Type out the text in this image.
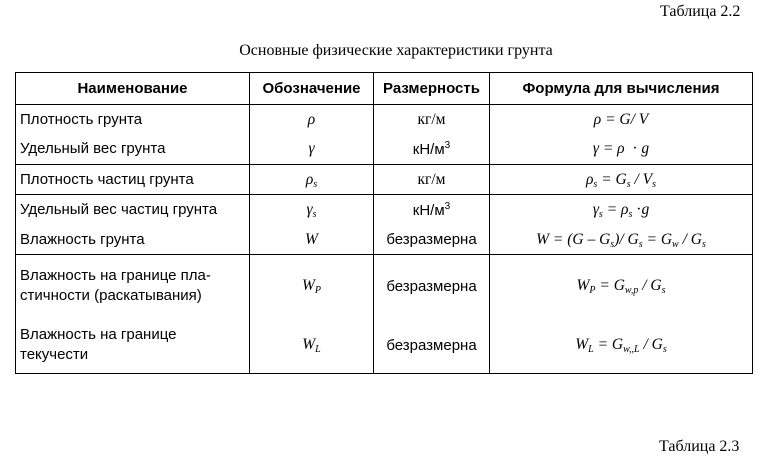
Таблица 2.2
Основные физические характеристики грунта
Наименование	Обозначение	Размерность	Формула для вычисления
Плотность грунта	ρ	кг/м	ρ = G/ V
Удельный вес грунта	γ	$кН/м^3$	γ = ρ  · g
Плотность частиц грунта	$\rho_s$	кг/м	$\rho_s = G_s / V_s$
Удельный вес частиц грунта	$\gamma_s$	$кН/м^3$	$\gamma_s = \rho_s \cdot g$
Влажность грунта	W	безразмерна	$W = (G - G_s)/$ $G_s = G_w / G_s$
Влажность на границе пла-
стичности (раскатывания)	$W_P$	безразмерна	$W_P = G_{w,p} / G_s$
Влажность на границе
текучести	$W_L$	безразмерна	$W_L = G_{w,,L} / G_s$
Таблица 2.3
